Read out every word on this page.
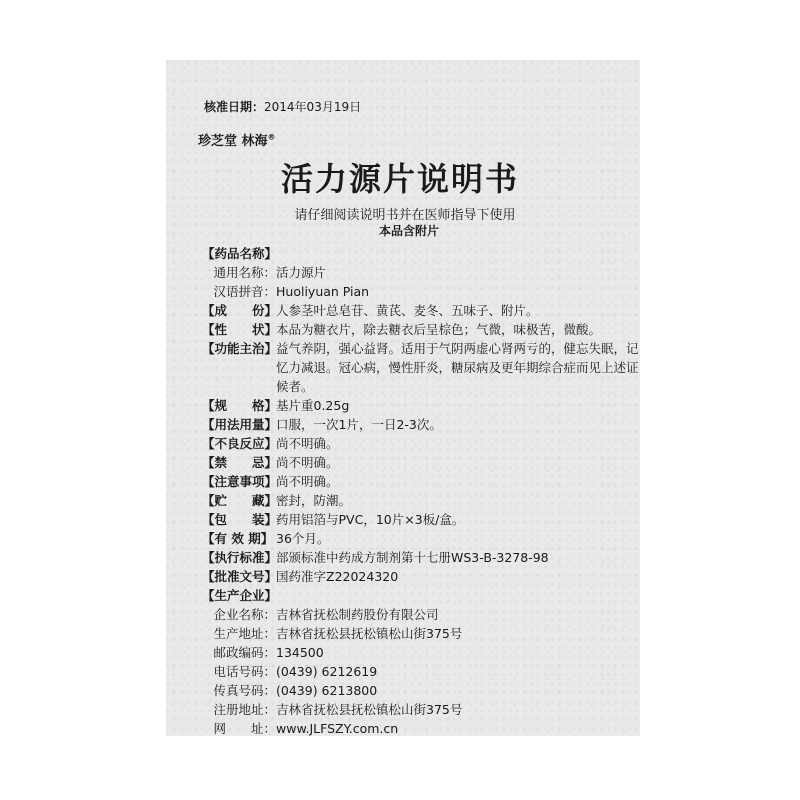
核准日期：2014年03月19日
珍芝堂 林海®
活力源片说明书
请仔细阅读说明书并在医师指导下使用
本品含附片
【药品名称】
通用名称： 活力源片
汉语拼音： Huoliyuan Pian
【成　　份】
人参茎叶总皂苷、黄芪、麦冬、五味子、附片。
【性　　状】
本品为糖衣片，除去糖衣后呈棕色；气微，味极苦，微酸。
【功能主治】
益气养阴，强心益肾。适用于气阴两虚心肾两亏的，健忘失眠，记忆力减退。冠心病，慢性肝炎，糖尿病及更年期综合症而见上述证候者。
【规　　格】
基片重0.25g
【用法用量】
口服，一次1片，一日2-3次。
【不良反应】
尚不明确。
【禁　　忌】
尚不明确。
【注意事项】
尚不明确。
【贮　　藏】
密封，防潮。
【包　　装】
药用铝箔与PVC，10片×3板/盒。
【有 效 期】 36个月。
【执行标准】
部颁标准中药成方制剂第十七册WS3-B-3278-98
【批准文号】
国药准字Z22024320
【生产企业】
企业名称： 吉林省抚松制药股份有限公司
生产地址： 吉林省抚松县抚松镇松山街375号
邮政编码： 134500
电话号码： (0439) 6212619
传真号码： (0439) 6213800
注册地址： 吉林省抚松县抚松镇松山街375号
网　　址： www.JLFSZY.com.cn
